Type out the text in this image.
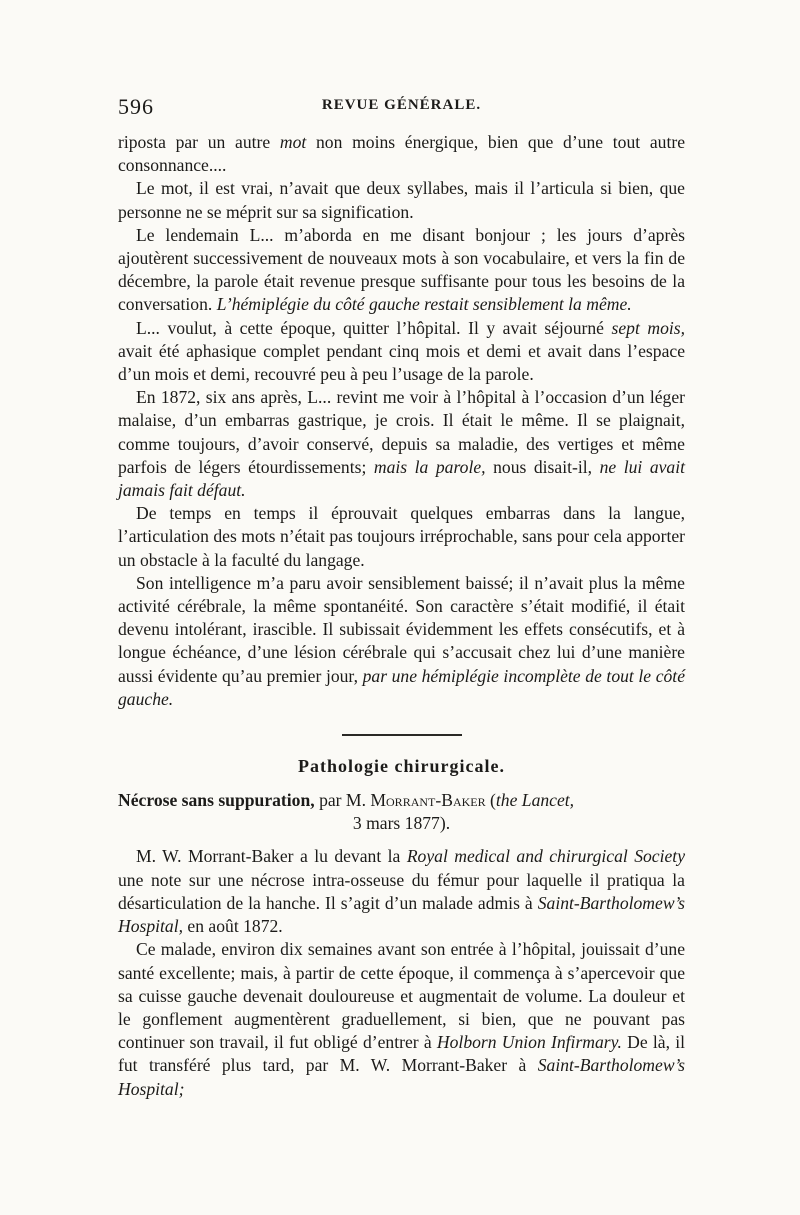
596	REVUE GÉNÉRALE.

riposta par un autre mot non moins énergique, bien que d’une tout autre consonnance....

Le mot, il est vrai, n’avait que deux syllabes, mais il l’articula si bien, que personne ne se méprit sur sa signification.

Le lendemain L... m’aborda en me disant bonjour ; les jours d’après ajoutèrent successivement de nouveaux mots à son vocabulaire, et vers la fin de décembre, la parole était revenue presque suffisante pour tous les besoins de la conversation. L’hémiplégie du côté gauche restait sensiblement la même.

L... voulut, à cette époque, quitter l’hôpital. Il y avait séjourné sept mois, avait été aphasique complet pendant cinq mois et demi et avait dans l’espace d’un mois et demi, recouvré peu à peu l’usage de la parole.

En 1872, six ans après, L... revint me voir à l’hôpital à l’occasion d’un léger malaise, d’un embarras gastrique, je crois. Il était le même. Il se plaignait, comme toujours, d’avoir conservé, depuis sa maladie, des vertiges et même parfois de légers étourdissements; mais la parole, nous disait-il, ne lui avait jamais fait défaut.

De temps en temps il éprouvait quelques embarras dans la langue, l’articulation des mots n’était pas toujours irréprochable, sans pour cela apporter un obstacle à la faculté du langage.

Son intelligence m’a paru avoir sensiblement baissé; il n’avait plus la même activité cérébrale, la même spontanéité. Son caractère s’était modifié, il était devenu intolérant, irascible. Il subissait évidemment les effets consécutifs, et à longue échéance, d’une lésion cérébrale qui s’accusait chez lui d’une manière aussi évidente qu’au premier jour, par une hémiplégie incomplète de tout le côté gauche.

Pathologie chirurgicale.

Nécrose sans suppuration, par M. Morrant-Baker (the Lancet,

3 mars 1877).

M. W. Morrant-Baker a lu devant la Royal medical and chirurgical Society une note sur une nécrose intra-osseuse du fémur pour laquelle il pratiqua la désarticulation de la hanche. Il s’agit d’un malade admis à Saint-Bartholomew’s Hospital, en août 1872.

Ce malade, environ dix semaines avant son entrée à l’hôpital, jouissait d’une santé excellente; mais, à partir de cette époque, il commença à s’apercevoir que sa cuisse gauche devenait douloureuse et augmentait de volume. La douleur et le gonflement augmentèrent graduellement, si bien, que ne pouvant pas continuer son travail, il fut obligé d’entrer à Holborn Union Infirmary. De là, il fut transféré plus tard, par M. W. Morrant-Baker à Saint-Bartholomew’s Hospital;
